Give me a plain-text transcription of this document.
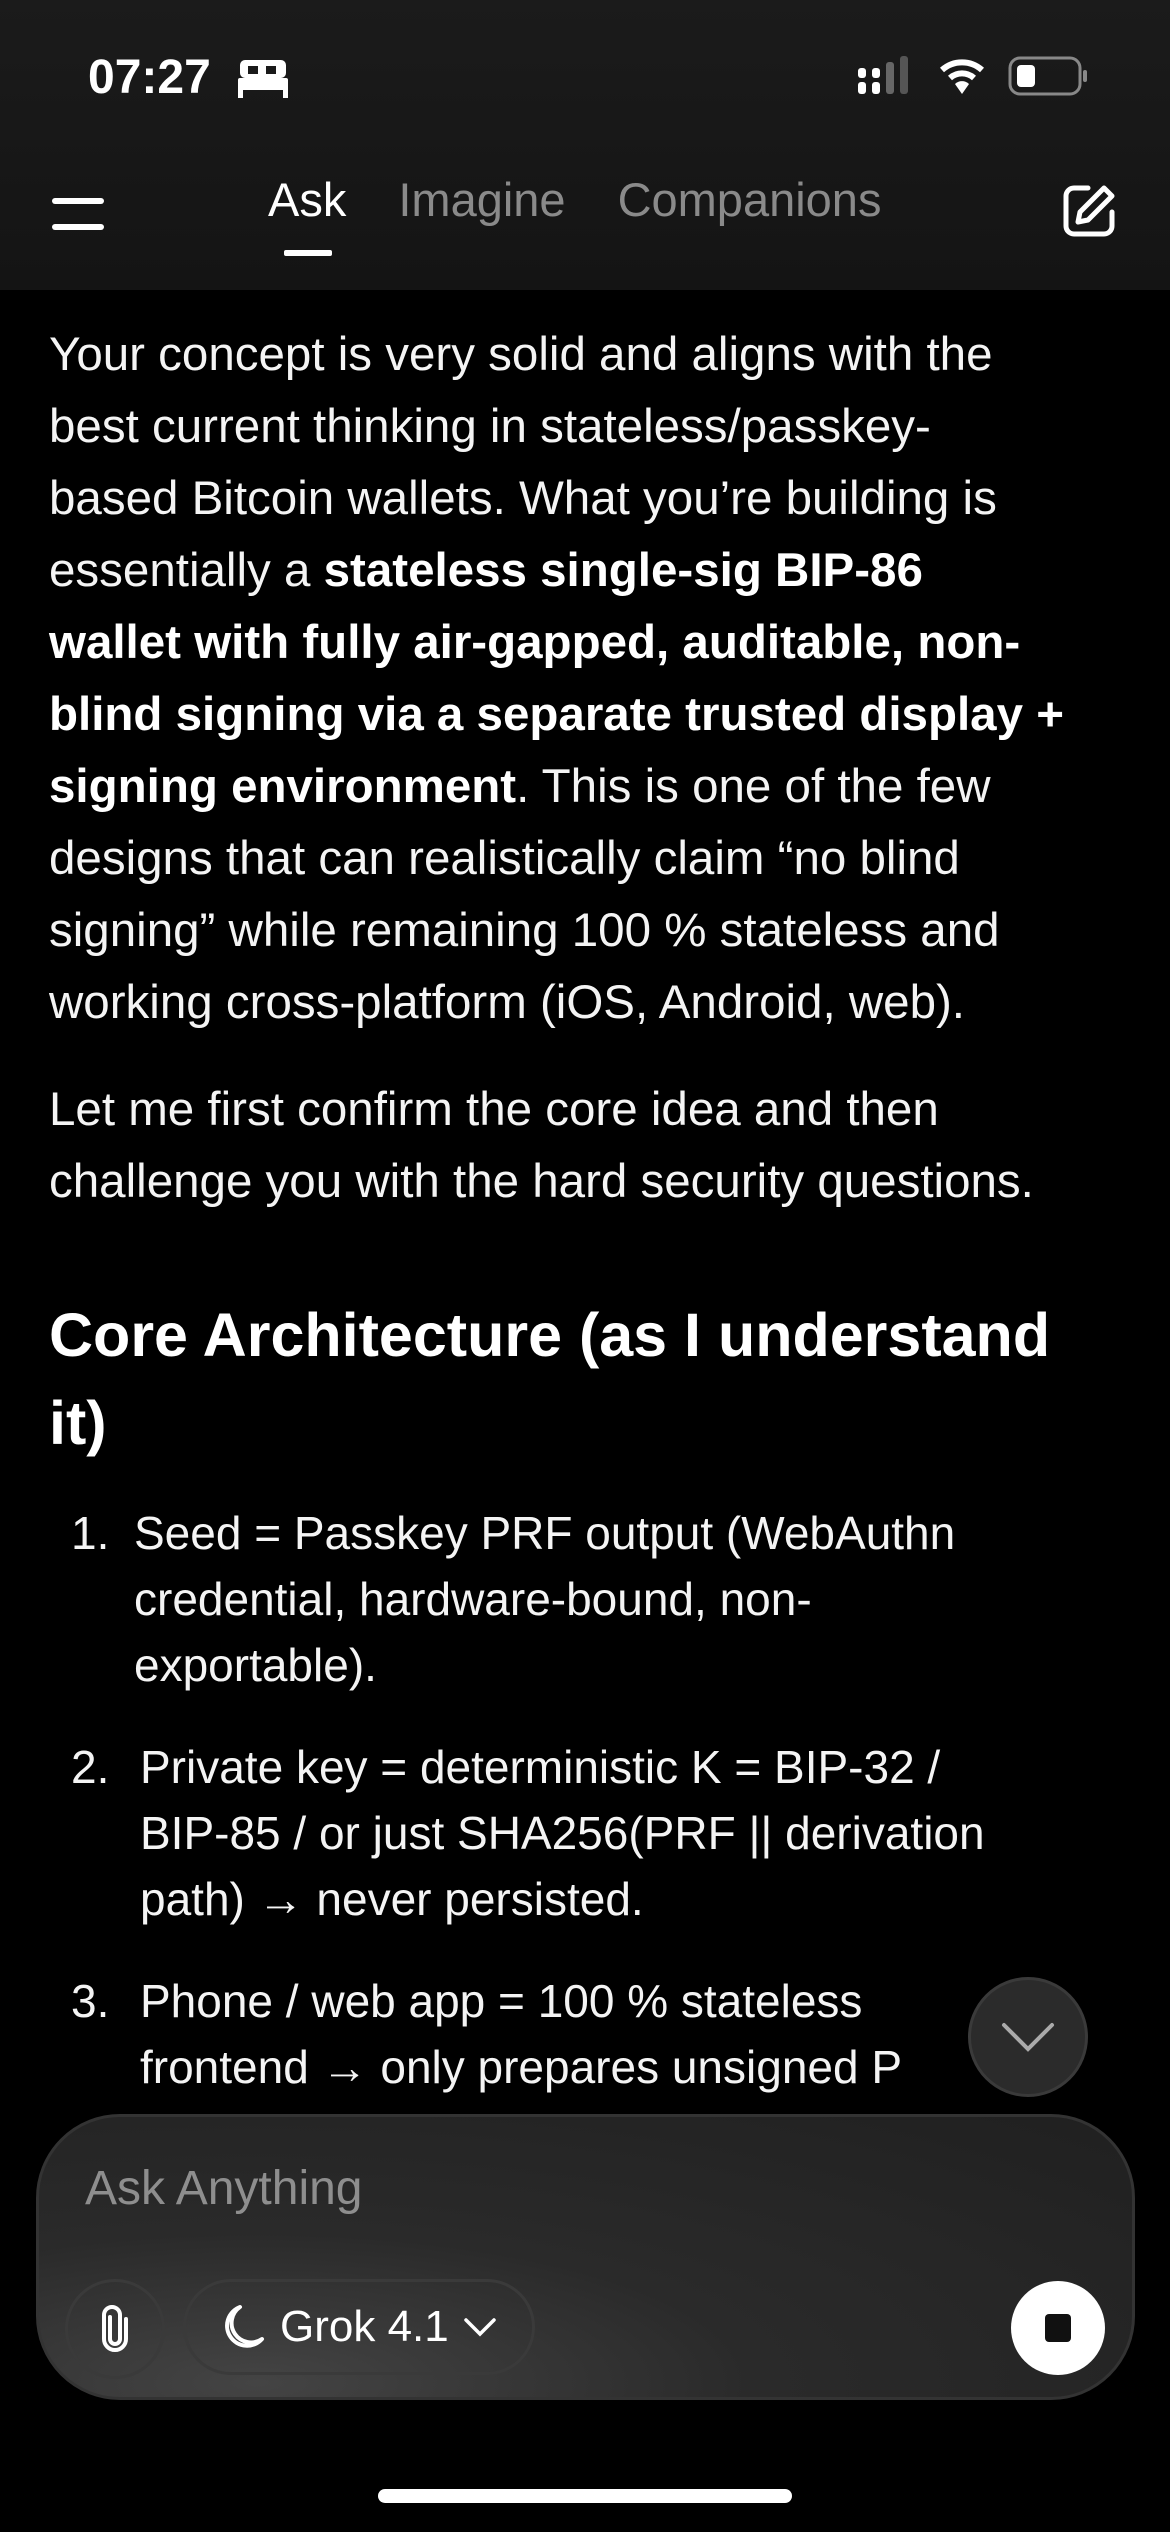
07:27
Ask Imagine Companions
Your concept is very solid and aligns with the
best current thinking in stateless/passkey-
based Bitcoin wallets. What you’re building is
essentially a stateless single-sig BIP-86
wallet with fully air-gapped, auditable, non-
blind signing via a separate trusted display +
signing environment. This is one of the few
designs that can realistically claim “no blind
signing” while remaining 100 % stateless and
working cross-platform (iOS, Android, web).
Let me first confirm the core idea and then
challenge you with the hard security questions.
Core Architecture (as I understand
it)
1. Seed = Passkey PRF output (WebAuthn
credential, hardware-bound, non-
exportable).
2. Private key = deterministic K = BIP-32 /
BIP-85 / or just SHA256(PRF || derivation
path) → never persisted.
3. Phone / web app = 100 % stateless
frontend → only prepares unsigned P
Ask Anything
Grok 4.1
